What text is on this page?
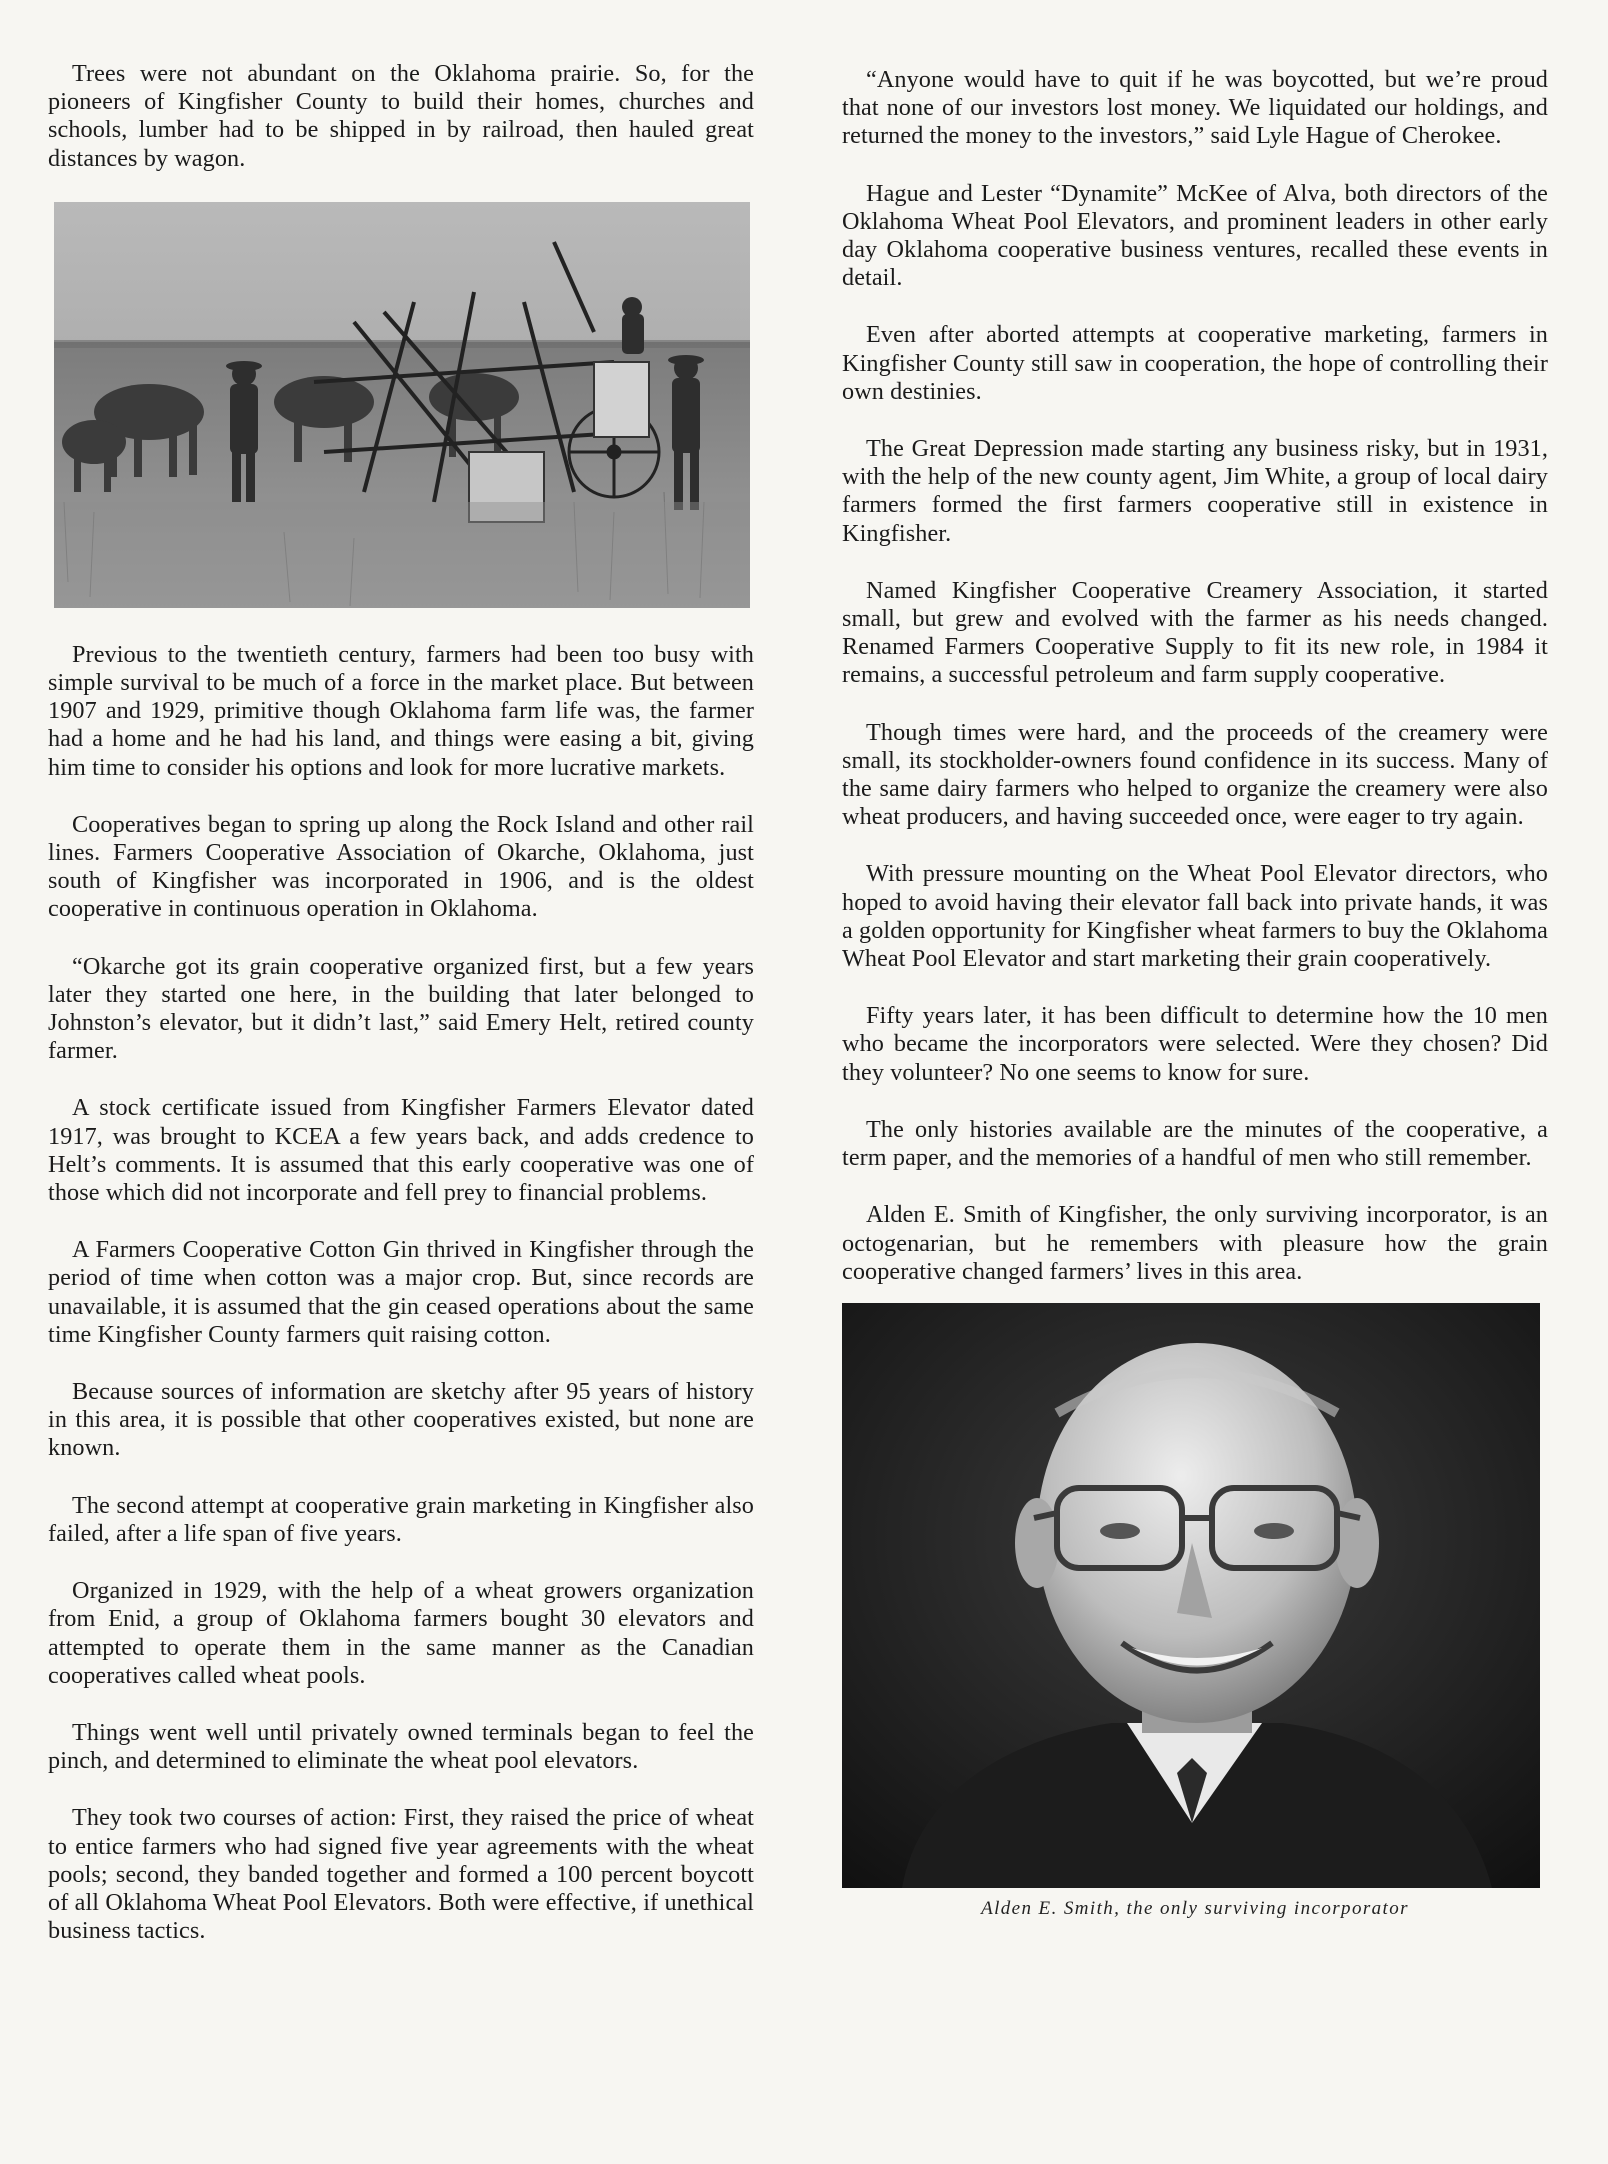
Trees were not abundant on the Oklahoma prairie. So, for the pioneers of Kingfisher County to build their homes, churches and schools, lumber had to be shipped in by railroad, then hauled great distances by wagon.

Previous to the twentieth century, farmers had been too busy with simple survival to be much of a force in the market place. But between 1907 and 1929, primitive though Oklahoma farm life was, the farmer had a home and he had his land, and things were easing a bit, giving him time to consider his options and look for more lucrative markets.

Cooperatives began to spring up along the Rock Island and other rail lines. Farmers Cooperative Association of Okarche, Oklahoma, just south of Kingfisher was incorporated in 1906, and is the oldest cooperative in continuous operation in Oklahoma.

“Okarche got its grain cooperative organized first, but a few years later they started one here, in the building that later belonged to Johnston’s elevator, but it didn’t last,” said Emery Helt, retired county farmer.

A stock certificate issued from Kingfisher Farmers Elevator dated 1917, was brought to KCEA a few years back, and adds credence to Helt’s comments. It is assumed that this early cooperative was one of those which did not incorporate and fell prey to financial problems.

A Farmers Cooperative Cotton Gin thrived in Kingfisher through the period of time when cotton was a major crop. But, since records are unavailable, it is assumed that the gin ceased operations about the same time Kingfisher County farmers quit raising cotton.

Because sources of information are sketchy after 95 years of history in this area, it is possible that other cooperatives existed, but none are known.

The second attempt at cooperative grain marketing in Kingfisher also failed, after a life span of five years.

Organized in 1929, with the help of a wheat growers organization from Enid, a group of Oklahoma farmers bought 30 elevators and attempted to operate them in the same manner as the Canadian cooperatives called wheat pools.

Things went well until privately owned terminals began to feel the pinch, and determined to eliminate the wheat pool elevators.

They took two courses of action: First, they raised the price of wheat to entice farmers who had signed five year agreements with the wheat pools; second, they banded together and formed a 100 percent boycott of all Oklahoma Wheat Pool Elevators. Both were effective, if unethical business tactics.

“Anyone would have to quit if he was boycotted, but we’re proud that none of our investors lost money. We liquidated our holdings, and returned the money to the investors,” said Lyle Hague of Cherokee.

Hague and Lester “Dynamite” McKee of Alva, both directors of the Oklahoma Wheat Pool Elevators, and prominent leaders in other early day Oklahoma cooperative business ventures, recalled these events in detail.

Even after aborted attempts at cooperative marketing, farmers in Kingfisher County still saw in cooperation, the hope of controlling their own destinies.

The Great Depression made starting any business risky, but in 1931, with the help of the new county agent, Jim White, a group of local dairy farmers formed the first farmers cooperative still in existence in Kingfisher.

Named Kingfisher Cooperative Creamery Association, it started small, but grew and evolved with the farmer as his needs changed. Renamed Farmers Cooperative Supply to fit its new role, in 1984 it remains, a successful petroleum and farm supply cooperative.

Though times were hard, and the proceeds of the creamery were small, its stockholder-owners found confidence in its success. Many of the same dairy farmers who helped to organize the creamery were also wheat producers, and having succeeded once, were eager to try again.

With pressure mounting on the Wheat Pool Elevator directors, who hoped to avoid having their elevator fall back into private hands, it was a golden opportunity for Kingfisher wheat farmers to buy the Oklahoma Wheat Pool Elevator and start marketing their grain cooperatively.

Fifty years later, it has been difficult to determine how the 10 men who became the incorporators were selected. Were they chosen? Did they volunteer? No one seems to know for sure.

The only histories available are the minutes of the cooperative, a term paper, and the memories of a handful of men who still remember.

Alden E. Smith of Kingfisher, the only surviving incorporator, is an octogenarian, but he remembers with pleasure how the grain cooperative changed farmers’ lives in this area.

Alden E. Smith, the only surviving incorporator
